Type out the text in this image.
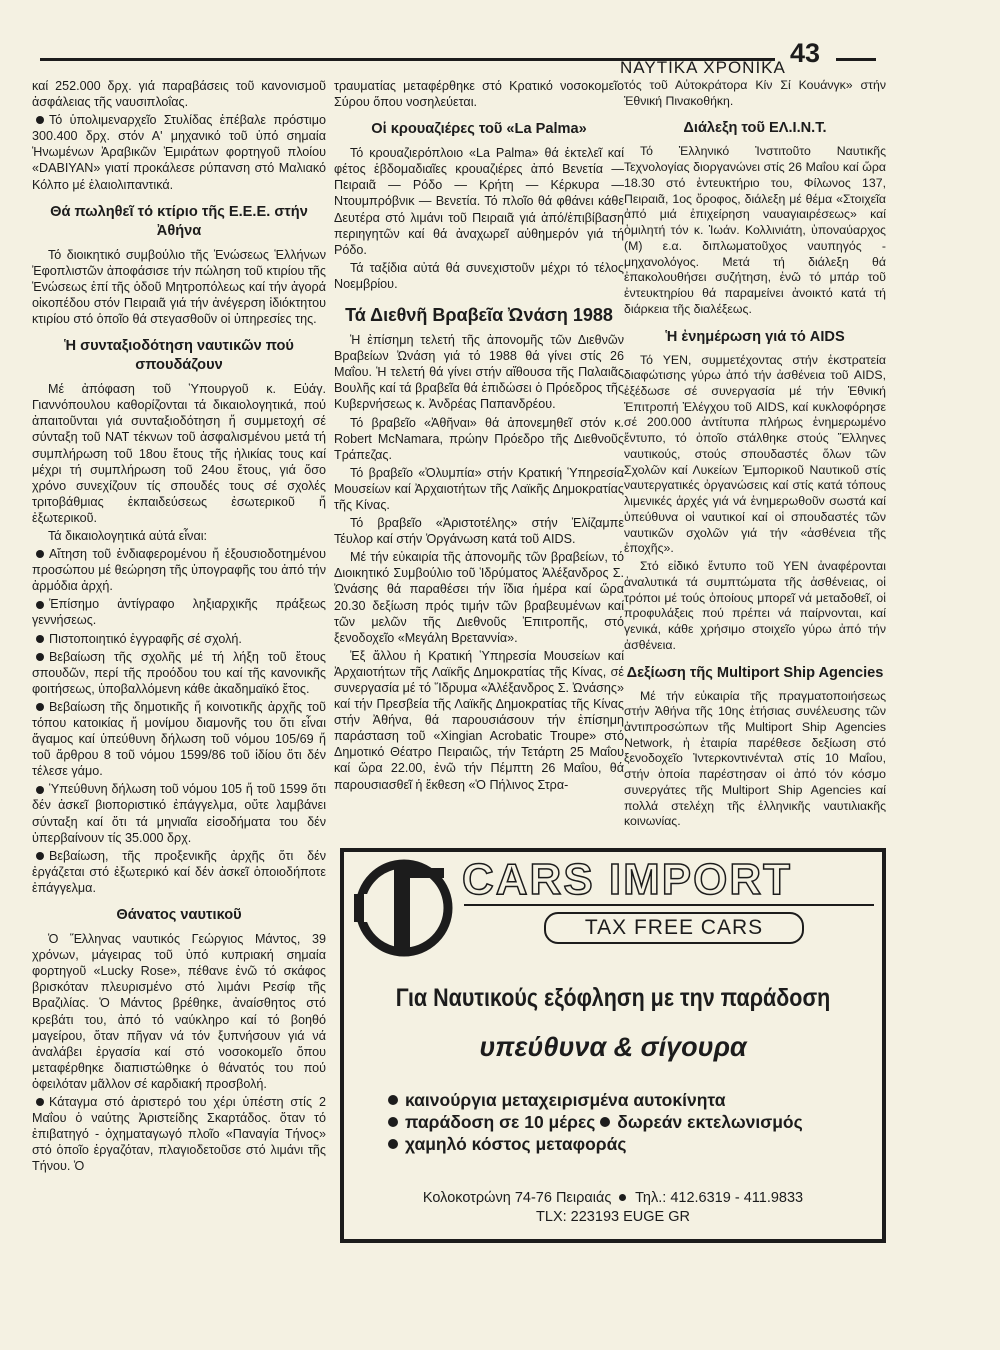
ΝΑΥΤΙΚΑ ΧΡΟΝΙΚΑ 43

καί 252.000 δρχ. γιά παραβάσεις τοῦ κανονισμοῦ ἀσφάλειας τῆς ναυσιπλοΐας.

Τό ὑπολιμεναρχεῖο Στυλίδας ἐπέβαλε πρόστιμο 300.400 δρχ. στόν Α' μηχανικό τοῦ ὑπό σημαία Ἡνωμένων Ἀραβικῶν Ἐμιράτων φορτηγοῦ πλοίου «DABIYAN» γιατί προκάλεσε ρύπανση στό Μαλιακό Κόλπο μέ ἐλαιολιπαντικά.

Θά πωληθεῖ τό κτίριο τῆς Ε.Ε.Ε. στήν Ἀθήνα

Τό διοικητικό συμβούλιο τῆς Ἑνώσεως Ἑλλήνων Ἐφοπλιστῶν ἀποφάσισε τήν πώληση τοῦ κτιρίου τῆς Ἑνώσεως ἐπί τῆς ὁδοῦ Μητροπόλεως καί τήν ἀγορά οἰκοπέδου στόν Πειραιᾶ γιά τήν ἀνέγερση ἰδιόκτητου κτιρίου στό ὁποῖο θά στεγασθοῦν οἱ ὑπηρεσίες της.

Ἡ συνταξιοδότηση ναυτικῶν πού σπουδάζουν

Μέ ἀπόφαση τοῦ Ὑπουργοῦ κ. Εὐάγ. Γιαννόπουλου καθορίζονται τά δικαιολογητικά, πού ἀπαιτοῦνται γιά συνταξιοδότηση ἤ συμμετοχή σέ σύνταξη τοῦ ΝΑΤ τέκνων τοῦ ἀσφαλισμένου μετά τή συμπλήρωση τοῦ 18ου ἔτους τῆς ἡλικίας τους καί μέχρι τή συμπλήρωση τοῦ 24ου ἔτους, γιά ὅσο χρόνο συνεχίζουν τίς σπουδές τους σέ σχολές τριτοβάθμιας ἐκπαιδεύσεως ἐσωτερικοῦ ἤ ἐξωτερικοῦ.

Τά δικαιολογητικά αὐτά εἶναι:

Αἴτηση τοῦ ἐνδιαφερομένου ἤ ἐξουσιοδοτημένου προσώπου μέ θεώρηση τῆς ὑπογραφῆς του ἀπό τήν ἁρμόδια ἀρχή.

Ἐπίσημο ἀντίγραφο ληξιαρχικῆς πράξεως γεννήσεως.

Πιστοποιητικό ἐγγραφῆς σέ σχολή.

Βεβαίωση τῆς σχολῆς μέ τή λήξη τοῦ ἔτους σπουδῶν, περί τῆς προόδου του καί τῆς κανονικῆς φοιτήσεως, ὑποβαλλόμενη κάθε ἀκαδημαϊκό ἔτος.

Βεβαίωση τῆς δημοτικῆς ἤ κοινοτικῆς ἀρχῆς τοῦ τόπου κατοικίας ἤ μονίμου διαμονῆς του ὅτι εἶναι ἄγαμος καί ὑπεύθυνη δήλωση τοῦ νόμου 105/69 ἤ τοῦ ἄρθρου 8 τοῦ νόμου 1599/86 τοῦ ἰδίου ὅτι δέν τέλεσε γάμο.

Ὑπεύθυνη δήλωση τοῦ νόμου 105 ἤ τοῦ 1599 ὅτι δέν ἀσκεῖ βιοποριστικό ἐπάγγελμα, οὔτε λαμβάνει σύνταξη καί ὅτι τά μηνιαῖα εἰσοδήματα του δέν ὑπερβαίνουν τίς 35.000 δρχ.

Βεβαίωση, τῆς προξενικῆς ἀρχῆς ὅτι δέν ἐργάζεται στό ἐξωτερικό καί δέν ἀσκεῖ ὁποιοδήποτε ἐπάγγελμα.

Θάνατος ναυτικοῦ

Ὁ Ἕλληνας ναυτικός Γεώργιος Μάντος, 39 χρόνων, μάγειρας τοῦ ὑπό κυπριακή σημαία φορτηγοῦ «Lucky Rose», πέθανε ἐνῶ τό σκάφος βρισκόταν πλευρισμένο στό λιμάνι Ρεσίφ τῆς Βραζιλίας. Ὁ Μάντος βρέθηκε, ἀναίσθητος στό κρεβάτι του, ἀπό τό ναύκληρο καί τό βοηθό μαγείρου, ὅταν πῆγαν νά τόν ξυπνήσουν γιά νά ἀναλάβει ἐργασία καί στό νοσοκομεῖο ὅπου μεταφέρθηκε διαπιστώθηκε ὁ θάνατός του πού ὀφειλόταν μᾶλλον σέ καρδιακή προσβολή.

Κάταγμα στό ἀριστερό του χέρι ὑπέστη στίς 2 Μαΐου ὁ ναύτης Ἀριστείδης Σκαρτάδος. ὅταν τό ἐπιβατηγό - ὀχηματαγωγό πλοῖο «Παναγία Τήνος» στό ὁποῖο ἐργαζόταν, πλαγιοδετοῦσε στό λιμάνι τῆς Τήνου. Ὁ

τραυματίας μεταφέρθηκε στό Κρατικό νοσοκομεῖο Σύρου ὅπου νοσηλεύεται.

Οἱ κρουαζιέρες τοῦ «La Palma»

Τό κρουαζιερόπλοιο «La Palma» θά ἐκτελεῖ καί φέτος ἑβδομαδιαῖες κρουαζιέρες ἀπό Βενετία — Πειραιᾶ — Ρόδο — Κρήτη — Κέρκυρα — Ντουμπρόβνικ — Βενετία. Τό πλοῖο θά φθάνει κάθε Δευτέρα στό λιμάνι τοῦ Πειραιᾶ γιά ἀπό/ἐπιβίβαση περιηγητῶν καί θά ἀναχωρεῖ αὐθημερόν γιά τή Ρόδο.

Τά ταξίδια αὐτά θά συνεχιστοῦν μέχρι τό τέλος Νοεμβρίου.

Τά Διεθνῆ Βραβεῖα Ὠνάση 1988

Ἡ ἐπίσημη τελετή τῆς ἀπονομῆς τῶν Διεθνῶν Βραβείων Ὠνάση γιά τό 1988 θά γίνει στίς 26 Μαΐου. Ἡ τελετή θά γίνει στήν αἴθουσα τῆς Παλαιᾶς Βουλῆς καί τά βραβεῖα θά ἐπιδώσει ὁ Πρόεδρος τῆς Κυβερνήσεως κ. Ἀνδρέας Παπανδρέου.

Τό βραβεῖο «Ἀθῆναι» θά ἀπονεμηθεῖ στόν κ. Robert McNamara, πρώην Πρόεδρο τῆς Διεθνοῦς Τράπεζας.

Τό βραβεῖο «Ὀλυμπία» στήν Κρατική Ὑπηρεσία Μουσείων καί Ἀρχαιοτήτων τῆς Λαϊκῆς Δημοκρατίας τῆς Κίνας.

Τό βραβεῖο «Ἀριστοτέλης» στήν Ἐλίζαμπε Τέυλορ καί στήν Ὀργάνωση κατά τοῦ AIDS.

Μέ τήν εὐκαιρία τῆς ἀπονομῆς τῶν βραβείων, τό Διοικητικό Συμβούλιο τοῦ Ἱδρύματος Ἀλέξανδρος Σ. Ὠνάσης θά παραθέσει τήν ἴδια ἡμέρα καί ὥρα 20.30 δεξίωση πρός τιμήν τῶν βραβευμένων καί τῶν μελῶν τῆς Διεθνοῦς Ἐπιτροπῆς, στό ξενοδοχεῖο «Μεγάλη Βρεταννία».

Ἐξ ἄλλου ἡ Κρατική Ὑπηρεσία Μουσείων καί Ἀρχαιοτήτων τῆς Λαϊκῆς Δημοκρατίας τῆς Κίνας, σέ συνεργασία μέ τό Ἵδρυμα «Ἀλέξανδρος Σ. Ὠνάσης» καί τήν Πρεσβεία τῆς Λαϊκῆς Δημοκρατίας τῆς Κίνας στήν Ἀθήνα, θά παρουσιάσουν τήν ἐπίσημη παράσταση τοῦ «Xingian Acrobatic Troupe» στό Δημοτικό Θέατρο Πειραιῶς, τήν Τετάρτη 25 Μαΐου καί ὥρα 22.00, ἐνῶ τήν Πέμπτη 26 Μαΐου, θά παρουσιασθεῖ ἡ ἔκθεση «Ὁ Πήλινος Στρα-

τός τοῦ Αὐτοκράτορα Κίν Σί Κουάνγκ» στήν Ἐθνική Πινακοθήκη.

Διάλεξη τοῦ ΕΛ.Ι.Ν.Τ.

Τό Ἑλληνικό Ἰνστιτοῦτο Ναυτικῆς Τεχνολογίας διοργανώνει στίς 26 Μαΐου καί ὥρα 18.30 στό ἐντευκτήριο του, Φίλωνος 137, Πειραιᾶ, 1ος ὄροφος, διάλεξη μέ θέμα «Στοιχεῖα ἀπό μιά ἐπιχείρηση ναυαγιαιρέσεως» καί ὁμιλητή τόν κ. Ἰωάν. Κολλινιάτη, ὑποναύαρχος (Μ) ε.α. διπλωματοῦχος ναυπηγός - μηχανολόγος. Μετά τή διάλεξη θά ἐπακολουθήσει συζήτηση, ἐνῶ τό μπάρ τοῦ ἐντευκτηρίου θά παραμείνει ἀνοικτό κατά τή διάρκεια τῆς διαλέξεως.

Ἡ ἐνημέρωση γιά τό AIDS

Τό ΥΕΝ, συμμετέχοντας στήν ἐκστρατεία διαφώτισης γύρω ἀπό τήν ἀσθένεια τοῦ AIDS, ἐξέδωσε σέ συνεργασία μέ τήν Ἐθνική Ἐπιτροπή Ἐλέγχου τοῦ AIDS, καί κυκλοφόρησε σέ 200.000 ἀντίτυπα πλήρως ἐνημερωμένο ἔντυπο, τό ὁποῖο στάλθηκε στούς Ἕλληνες ναυτικούς, στούς σπουδαστές ὅλων τῶν Σχολῶν καί Λυκείων Ἐμπορικοῦ Ναυτικοῦ στίς ναυτεργατικές ὀργανώσεις καί στίς κατά τόπους λιμενικές ἀρχές γιά νά ἐνημερωθοῦν σωστά καί ὑπεύθυνα οἱ ναυτικοί καί οἱ σπουδαστές τῶν ναυτικῶν σχολῶν γιά τήν «ἀσθένεια τῆς ἐποχῆς».

Στό εἰδικό ἔντυπο τοῦ ΥΕΝ ἀναφέρονται ἀναλυτικά τά συμπτώματα τῆς ἀσθένειας, οἱ τρόποι μέ τούς ὁποίους μπορεῖ νά μεταδοθεῖ, οἱ προφυλάξεις πού πρέπει νά παίρνονται, καί γενικά, κάθε χρήσιμο στοιχεῖο γύρω ἀπό τήν ἀσθένεια.

Δεξίωση τῆς Multiport Ship Agencies

Μέ τήν εὐκαιρία τῆς πραγματοποιήσεως στήν Ἀθήνα τῆς 10ης ἐτήσιας συνέλευσης τῶν ἀντιπροσώπων τῆς Multiport Ship Agencies Network, ἡ ἐταιρία παρέθεσε δεξίωση στό ξενοδοχεῖο Ἰντερκοντινένταλ στίς 10 Μαΐου, στήν ὁποία παρέστησαν οἱ ἀπό τόν κόσμο συνεργάτες τῆς Multiport Ship Agencies καί πολλά στελέχη τῆς ἑλληνικῆς ναυτιλιακῆς κοινωνίας.

CARS IMPORT
TAX FREE CARS
Για Ναυτικούς εξόφληση με την παράδοση
υπεύθυνα & σίγουρα
καινούργια μεταχειρισμένα αυτοκίνητα
παράδοση σε 10 μέρες δωρεάν εκτελωνισμός
χαμηλό κόστος μεταφοράς
Κολοκοτρώνη 74-76 Πειραιάς Τηλ.: 412.6319 - 411.9833
TLX: 223193 EUGE GR
